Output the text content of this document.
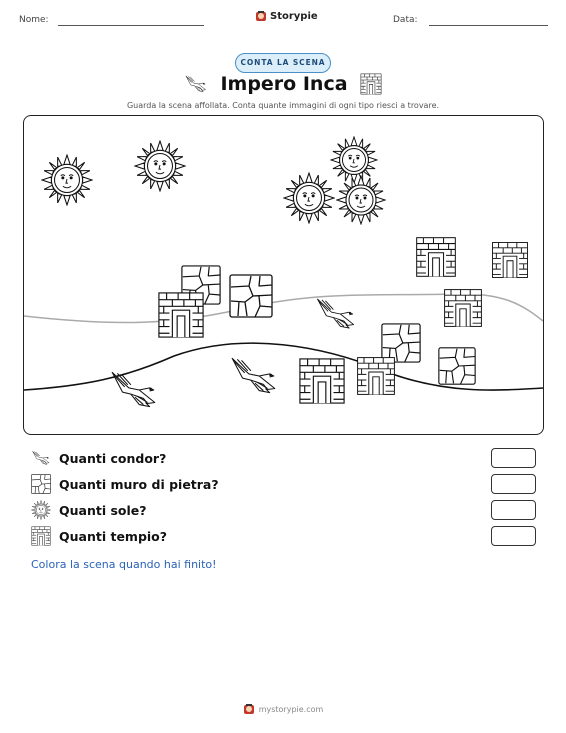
Nome:	Storypie	Data:
CONTA LA SCENA
Impero Inca
Guarda la scena affollata. Conta quante immagini di ogni tipo riesci a trovare.
Quanti condor?
Quanti muro di pietra?
Quanti sole?
Quanti tempio?
Colora la scena quando hai finito!
mystorypie.com
